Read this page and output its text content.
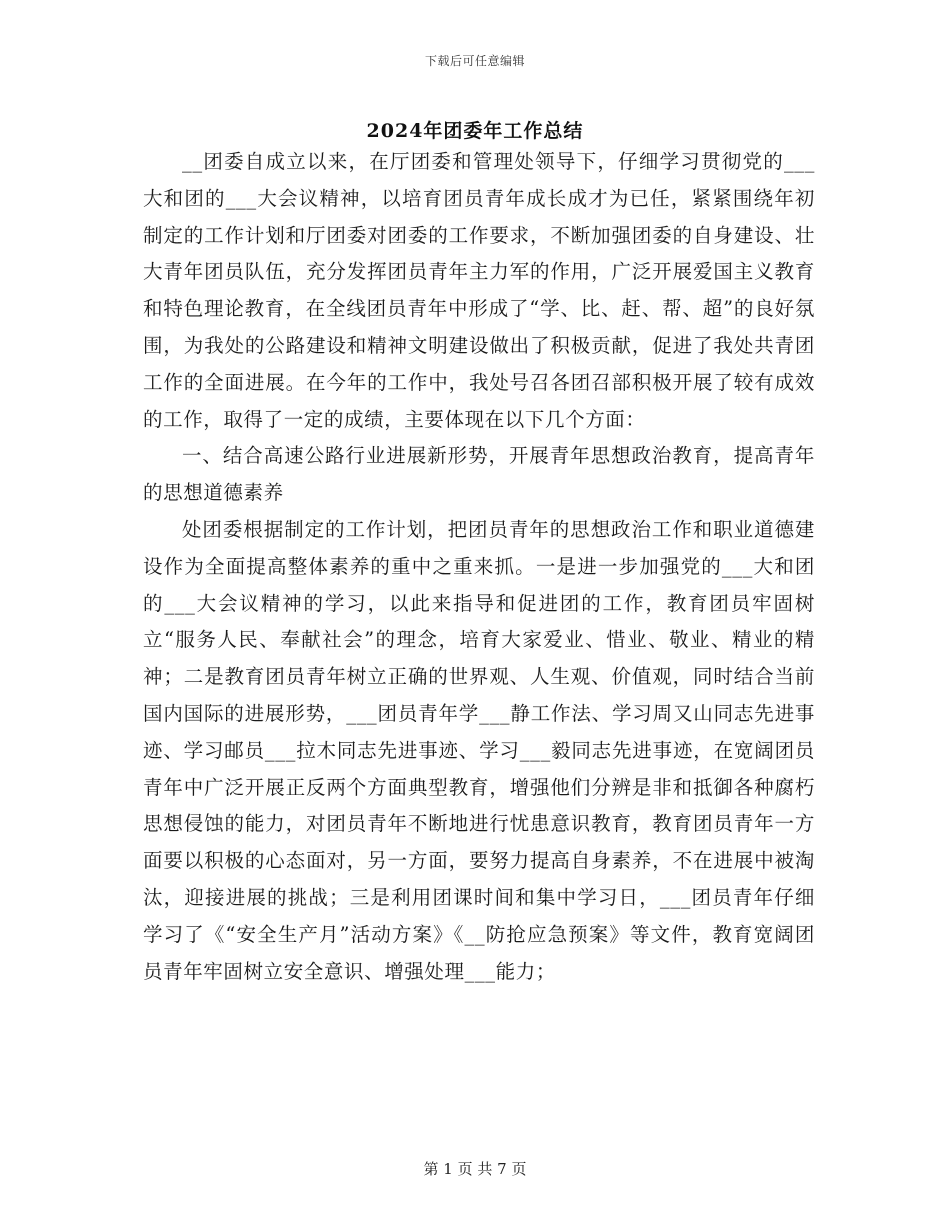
下载后可任意编辑
2024年团委年工作总结

__团委自成立以来，在厅团委和管理处领导下，仔细学习贯彻党的___大和团的___大会议精神，以培育团员青年成长成才为已任，紧紧围绕年初制定的工作计划和厅团委对团委的工作要求，不断加强团委的自身建设、壮大青年团员队伍，充分发挥团员青年主力军的作用，广泛开展爱国主义教育和特色理论教育，在全线团员青年中形成了“学、比、赶、帮、超”的良好氛围，为我处的公路建设和精神文明建设做出了积极贡献，促进了我处共青团工作的全面进展。在今年的工作中，我处号召各团召部积极开展了较有成效的工作，取得了一定的成绩，主要体现在以下几个方面：

一、结合高速公路行业进展新形势，开展青年思想政治教育，提高青年的思想道德素养

处团委根据制定的工作计划，把团员青年的思想政治工作和职业道德建设作为全面提高整体素养的重中之重来抓。一是进一步加强党的___大和团的___大会议精神的学习，以此来指导和促进团的工作，教育团员牢固树立“服务人民、奉献社会”的理念，培育大家爱业、惜业、敬业、精业的精神；二是教育团员青年树立正确的世界观、人生观、价值观，同时结合当前国内国际的进展形势，___团员青年学___静工作法、学习周又山同志先进事迹、学习邮员___拉木同志先进事迹、学习___毅同志先进事迹，在宽阔团员青年中广泛开展正反两个方面典型教育，增强他们分辨是非和抵御各种腐朽思想侵蚀的能力，对团员青年不断地进行忧患意识教育，教育团员青年一方面要以积极的心态面对，另一方面，要努力提高自身素养，不在进展中被淘汰，迎接进展的挑战；三是利用团课时间和集中学习日，___团员青年仔细学习了《“安全生产月”活动方案》《__防抢应急预案》等文件，教育宽阔团员青年牢固树立安全意识、增强处理___能力；

第 1 页 共 7 页
